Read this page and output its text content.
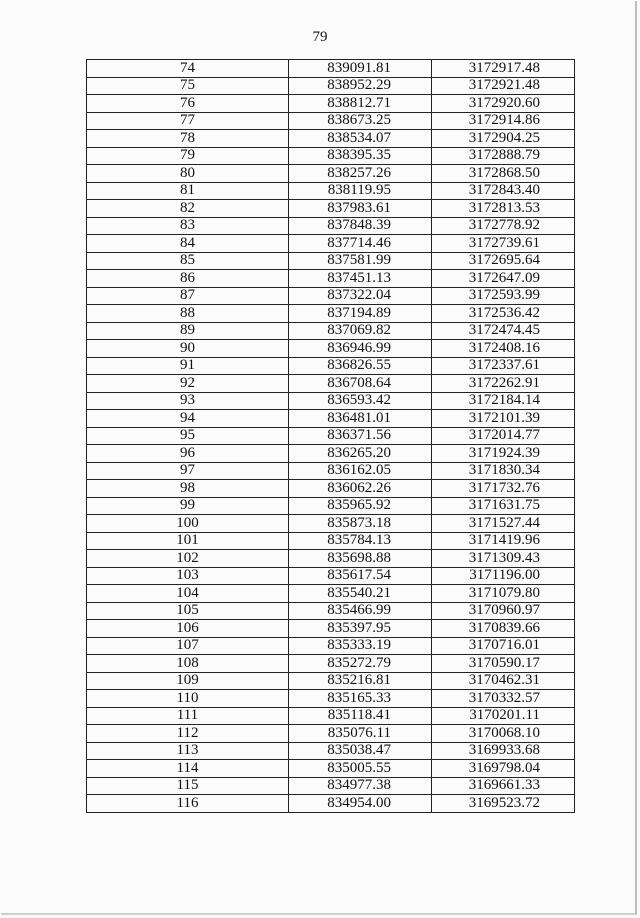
79
74	839091.81	3172917.48
75	838952.29	3172921.48
76	838812.71	3172920.60
77	838673.25	3172914.86
78	838534.07	3172904.25
79	838395.35	3172888.79
80	838257.26	3172868.50
81	838119.95	3172843.40
82	837983.61	3172813.53
83	837848.39	3172778.92
84	837714.46	3172739.61
85	837581.99	3172695.64
86	837451.13	3172647.09
87	837322.04	3172593.99
88	837194.89	3172536.42
89	837069.82	3172474.45
90	836946.99	3172408.16
91	836826.55	3172337.61
92	836708.64	3172262.91
93	836593.42	3172184.14
94	836481.01	3172101.39
95	836371.56	3172014.77
96	836265.20	3171924.39
97	836162.05	3171830.34
98	836062.26	3171732.76
99	835965.92	3171631.75
100	835873.18	3171527.44
101	835784.13	3171419.96
102	835698.88	3171309.43
103	835617.54	3171196.00
104	835540.21	3171079.80
105	835466.99	3170960.97
106	835397.95	3170839.66
107	835333.19	3170716.01
108	835272.79	3170590.17
109	835216.81	3170462.31
110	835165.33	3170332.57
111	835118.41	3170201.11
112	835076.11	3170068.10
113	835038.47	3169933.68
114	835005.55	3169798.04
115	834977.38	3169661.33
116	834954.00	3169523.72
